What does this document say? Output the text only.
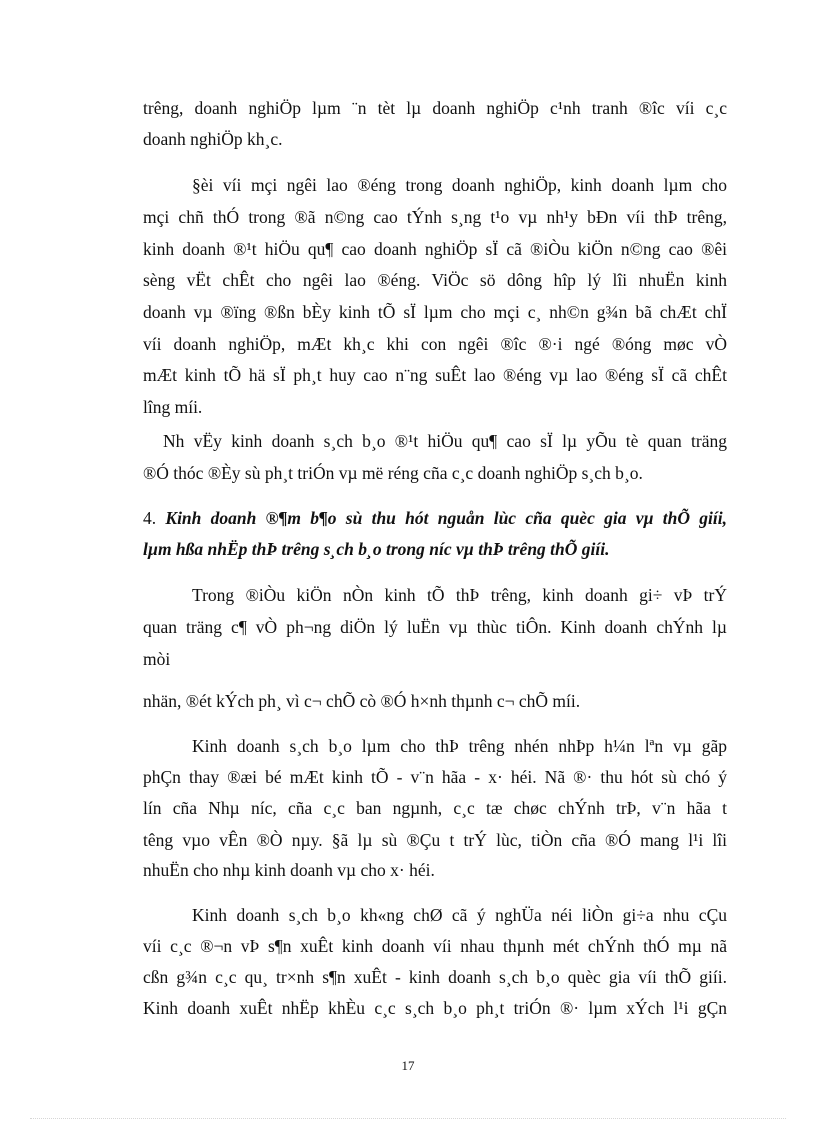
trêng, doanh nghiÖp lµm ¨n tèt lµ doanh nghiÖp c¹nh tranh ®îc víi c¸c
doanh nghiÖp kh¸c.
§èi víi mçi ngêi lao ®éng trong doanh nghiÖp, kinh doanh lµm cho
mçi chñ thÓ trong ®ã n©ng cao tÝnh s¸ng t¹o vµ nh¹y bÐn víi thÞ trêng,
kinh doanh ®¹t hiÖu qu¶ cao doanh nghiÖp sÏ cã ®iÒu kiÖn n©ng cao ®êi
sèng vËt chÊt cho ngêi lao ®éng. ViÖc sö dông hîp lý lîi nhuËn kinh
doanh vµ ®ïng ®ßn bÈy kinh tÕ sÏ lµm cho mçi c¸ nh©n g¾n bã chÆt chÏ
víi doanh nghiÖp, mÆt kh¸c khi con ngêi ®îc ®·i ngé ®óng møc vÒ
mÆt kinh tÕ hä sÏ ph¸t huy cao n¨ng suÊt lao ®éng vµ lao ®éng sÏ cã chÊt
lîng míi.
Nh vËy kinh doanh s¸ch b¸o ®¹t hiÖu qu¶ cao sÏ lµ yÕu tè quan träng
®Ó thóc ®Èy sù ph¸t triÓn vµ më réng cña c¸c doanh nghiÖp s¸ch b¸o.
4. Kinh doanh ®¶m b¶o sù thu hót nguån lùc cña quèc gia vµ thÕ giíi,
lµm hßa nhËp thÞ trêng s¸ch b¸o trong níc vµ thÞ trêng thÕ giíi.
Trong ®iÒu kiÖn nÒn kinh tÕ thÞ trêng, kinh doanh gi÷ vÞ trÝ
quan träng c¶ vÒ ph¬ng diÖn lý luËn vµ thùc tiÔn. Kinh doanh chÝnh lµ
mòi
nhän, ®ét kÝch ph¸ vì c¬ chÕ cò ®Ó h×nh thµnh c¬ chÕ míi.
Kinh doanh s¸ch b¸o lµm cho thÞ trêng nhén nhÞp h¼n lªn vµ gãp
phÇn thay ®æi bé mÆt kinh tÕ - v¨n hãa - x· héi. Nã ®· thu hót sù chó ý
lín cña Nhµ níc, cña c¸c ban ngµnh, c¸c tæ chøc chÝnh trÞ, v¨n hãa t
têng vµo vÊn ®Ò nµy. §ã lµ sù ®Çu t trÝ lùc, tiÒn cña ®Ó mang l¹i lîi
nhuËn cho nhµ kinh doanh vµ cho x· héi.
Kinh doanh s¸ch b¸o kh«ng chØ cã ý nghÜa néi liÒn gi÷a nhu cÇu
víi c¸c ®¬n vÞ s¶n xuÊt kinh doanh víi nhau thµnh mét chÝnh thÓ mµ nã
cßn g¾n c¸c qu¸ tr×nh s¶n xuÊt - kinh doanh s¸ch b¸o quèc gia víi thÕ giíi.
Kinh doanh xuÊt nhËp khÈu c¸c s¸ch b¸o ph¸t triÓn ®· lµm xÝch l¹i gÇn
17
